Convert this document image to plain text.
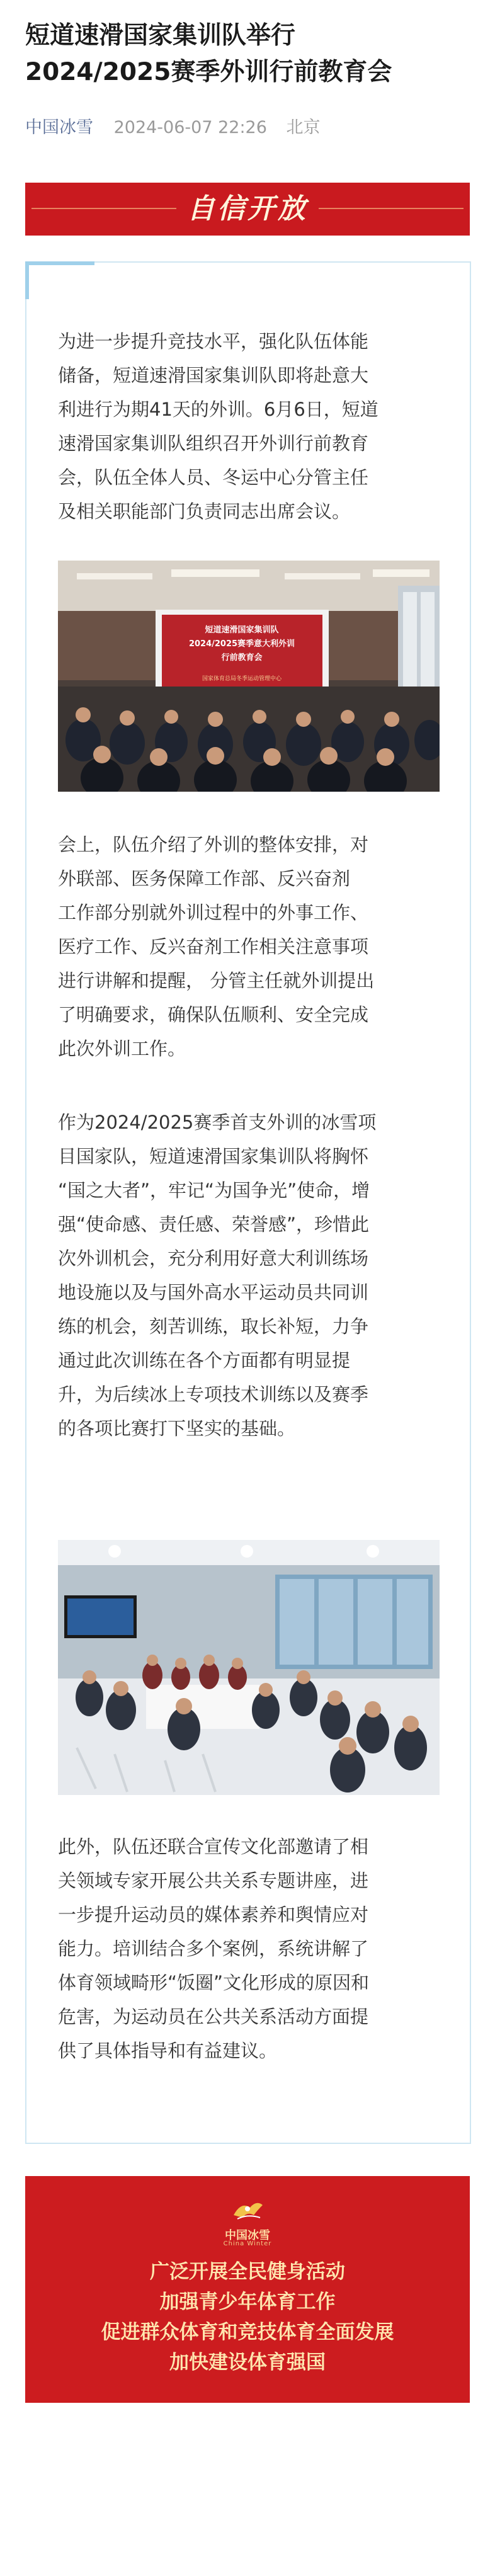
短道速滑国家集训队举行
2024/2025赛季外训行前教育会
中国冰雪 2024-06-07 22:26 北京
自信开放
为进一步提升竞技水平，强化队伍体能
储备，短道速滑国家集训队即将赴意大
利进行为期41天的外训。6月6日，短道
速滑国家集训队组织召开外训行前教育
会，队伍全体人员、冬运中心分管主任
及相关职能部门负责同志出席会议。
短道速滑国家集训队
2024/2025赛季意大利外训
行前教育会
国家体育总局冬季运动管理中心
会上，队伍介绍了外训的整体安排，对
外联部、医务保障工作部、反兴奋剂
工作部分别就外训过程中的外事工作、
医疗工作、反兴奋剂工作相关注意事项
进行讲解和提醒， 分管主任就外训提出
了明确要求，确保队伍顺利、安全完成
此次外训工作。
作为2024/2025赛季首支外训的冰雪项
目国家队，短道速滑国家集训队将胸怀
“国之大者”，牢记“为国争光”使命，增
强“使命感、责任感、荣誉感”，珍惜此
次外训机会，充分利用好意大利训练场
地设施以及与国外高水平运动员共同训
练的机会，刻苦训练，取长补短，力争
通过此次训练在各个方面都有明显提
升，为后续冰上专项技术训练以及赛季
的各项比赛打下坚实的基础。
此外，队伍还联合宣传文化部邀请了相
关领域专家开展公共关系专题讲座，进
一步提升运动员的媒体素养和舆情应对
能力。培训结合多个案例，系统讲解了
体育领域畸形“饭圈”文化形成的原因和
危害，为运动员在公共关系活动方面提
供了具体指导和有益建议。
中国冰雪
China Winter
广泛开展全民健身活动
加强青少年体育工作
促进群众体育和竞技体育全面发展
加快建设体育强国
